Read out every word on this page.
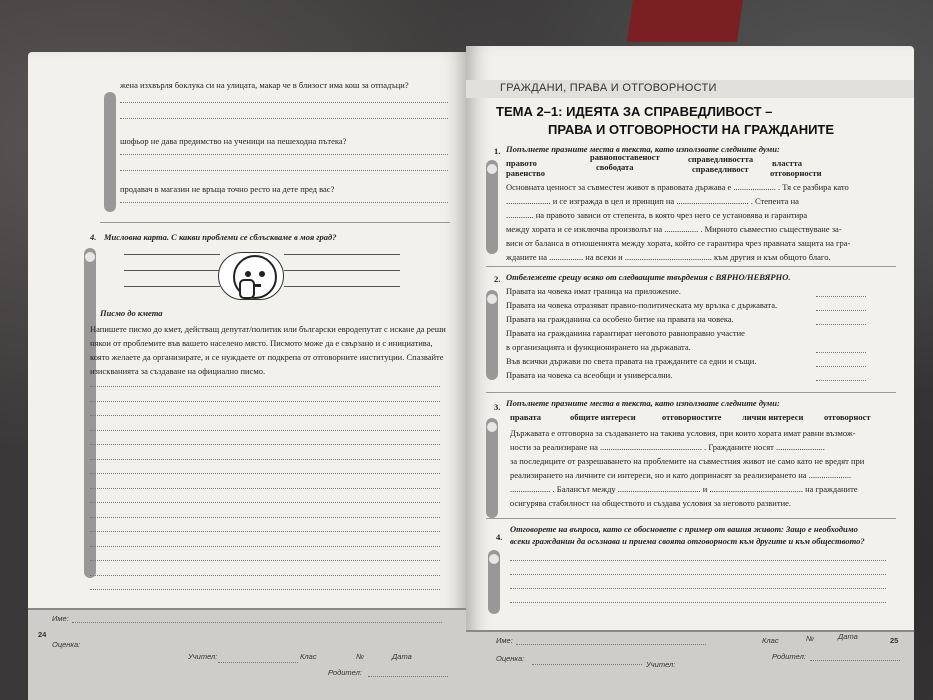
жена изхвърля боклука си на улицата, макар че в близост има кош за отпадъци?
шофьор не дава предимство на ученици на пешеходна пътека?
продавач в магазин не връща точно ресто на дете пред вас?
4. Мисловна карта. С какви проблеми се сблъскваме в моя град?
Писмо до кмета
Напишете писмо до кмет, действащ депутат/политик или български евродепутат с искане да реши
някои от проблемите във вашето населено място. Писмото може да е свързано и с инициатива,
която желаете да организирате, и се нуждаете от подкрепа от отговорните институции. Спазвайте
изискванията за създаване на официално писмо.
Име:
24
Оценка:
Учител:	Клас	№	Дата
Родител:
ГРАЖДАНИ, ПРАВА И ОТГОВОРНОСТИ
ТЕМА 2–1: ИДЕЯТА ЗА СПРАВЕДЛИВОСТ –
ПРАВА И ОТГОВОРНОСТИ НА ГРАЖДАНИТЕ
1. Попълнете празните места в текста, като използвате следните думи:
правото
равнопоставеност	справедливостта властта
равенство
свободата	справедливост	отговорности
Основната ценност за съвместен живот в правовата държава е .................... . Тя се разбира като
..................... и се изгражда в цел и принцип на .................................. . Степента на
............. на правото зависи от степента, в която чрез него се установява и гарантира
между хората и се изключва произволът на ................ . Мирното съвместно съществуване за-
виси от баланса в отношенията между хората, който се гарантира чрез правната защита на гра-
жданите на ................ на всеки и ......................................... към другия и към общото благо.
2. Отбележете срещу всяко от следващите твърдения с ВЯРНО/НЕВЯРНО.
Правата на човека имат граница на приложение.
Правата на човека отразяват правно-политическата му връзка с държавата.
Правата на гражданина са особено битие на правата на човека.
Правата на гражданина гарантират неговото равноправно участие
в организацията и функционирането на държавата.
Във всички държави по света правата на гражданите са едни и същи.
Правата на човека са всеобщи и универсални.
3. Попълнете празните места в текста, като използвате следните думи:
правата	общите интереси	отговорностите лични интереси отговорност
Държавата е отговорна за създаването на такива условия, при които хората имат равни възмож-
ности за реализиране на ................................................ . Гражданите носят .......................
за последиците от разрешаването на проблемите на съвместния живот не само като не вредят при
реализирането на личните си интереси, но и като допринасят за реализирането на ....................
................... . Балансът между ....................................... и ............................................ на гражданите
осигурява стабилност на обществото и създава условия за неговото развитие.
4.
Отговорете на въпроса, като се обосновете с пример от вашия живот: Защо е необходимо
всеки гражданин да осъзнава и приема своята отговорност към другите и към обществото?
Име:	Клас	№	Дата	25
Оценка:
Учител:
Родител:
